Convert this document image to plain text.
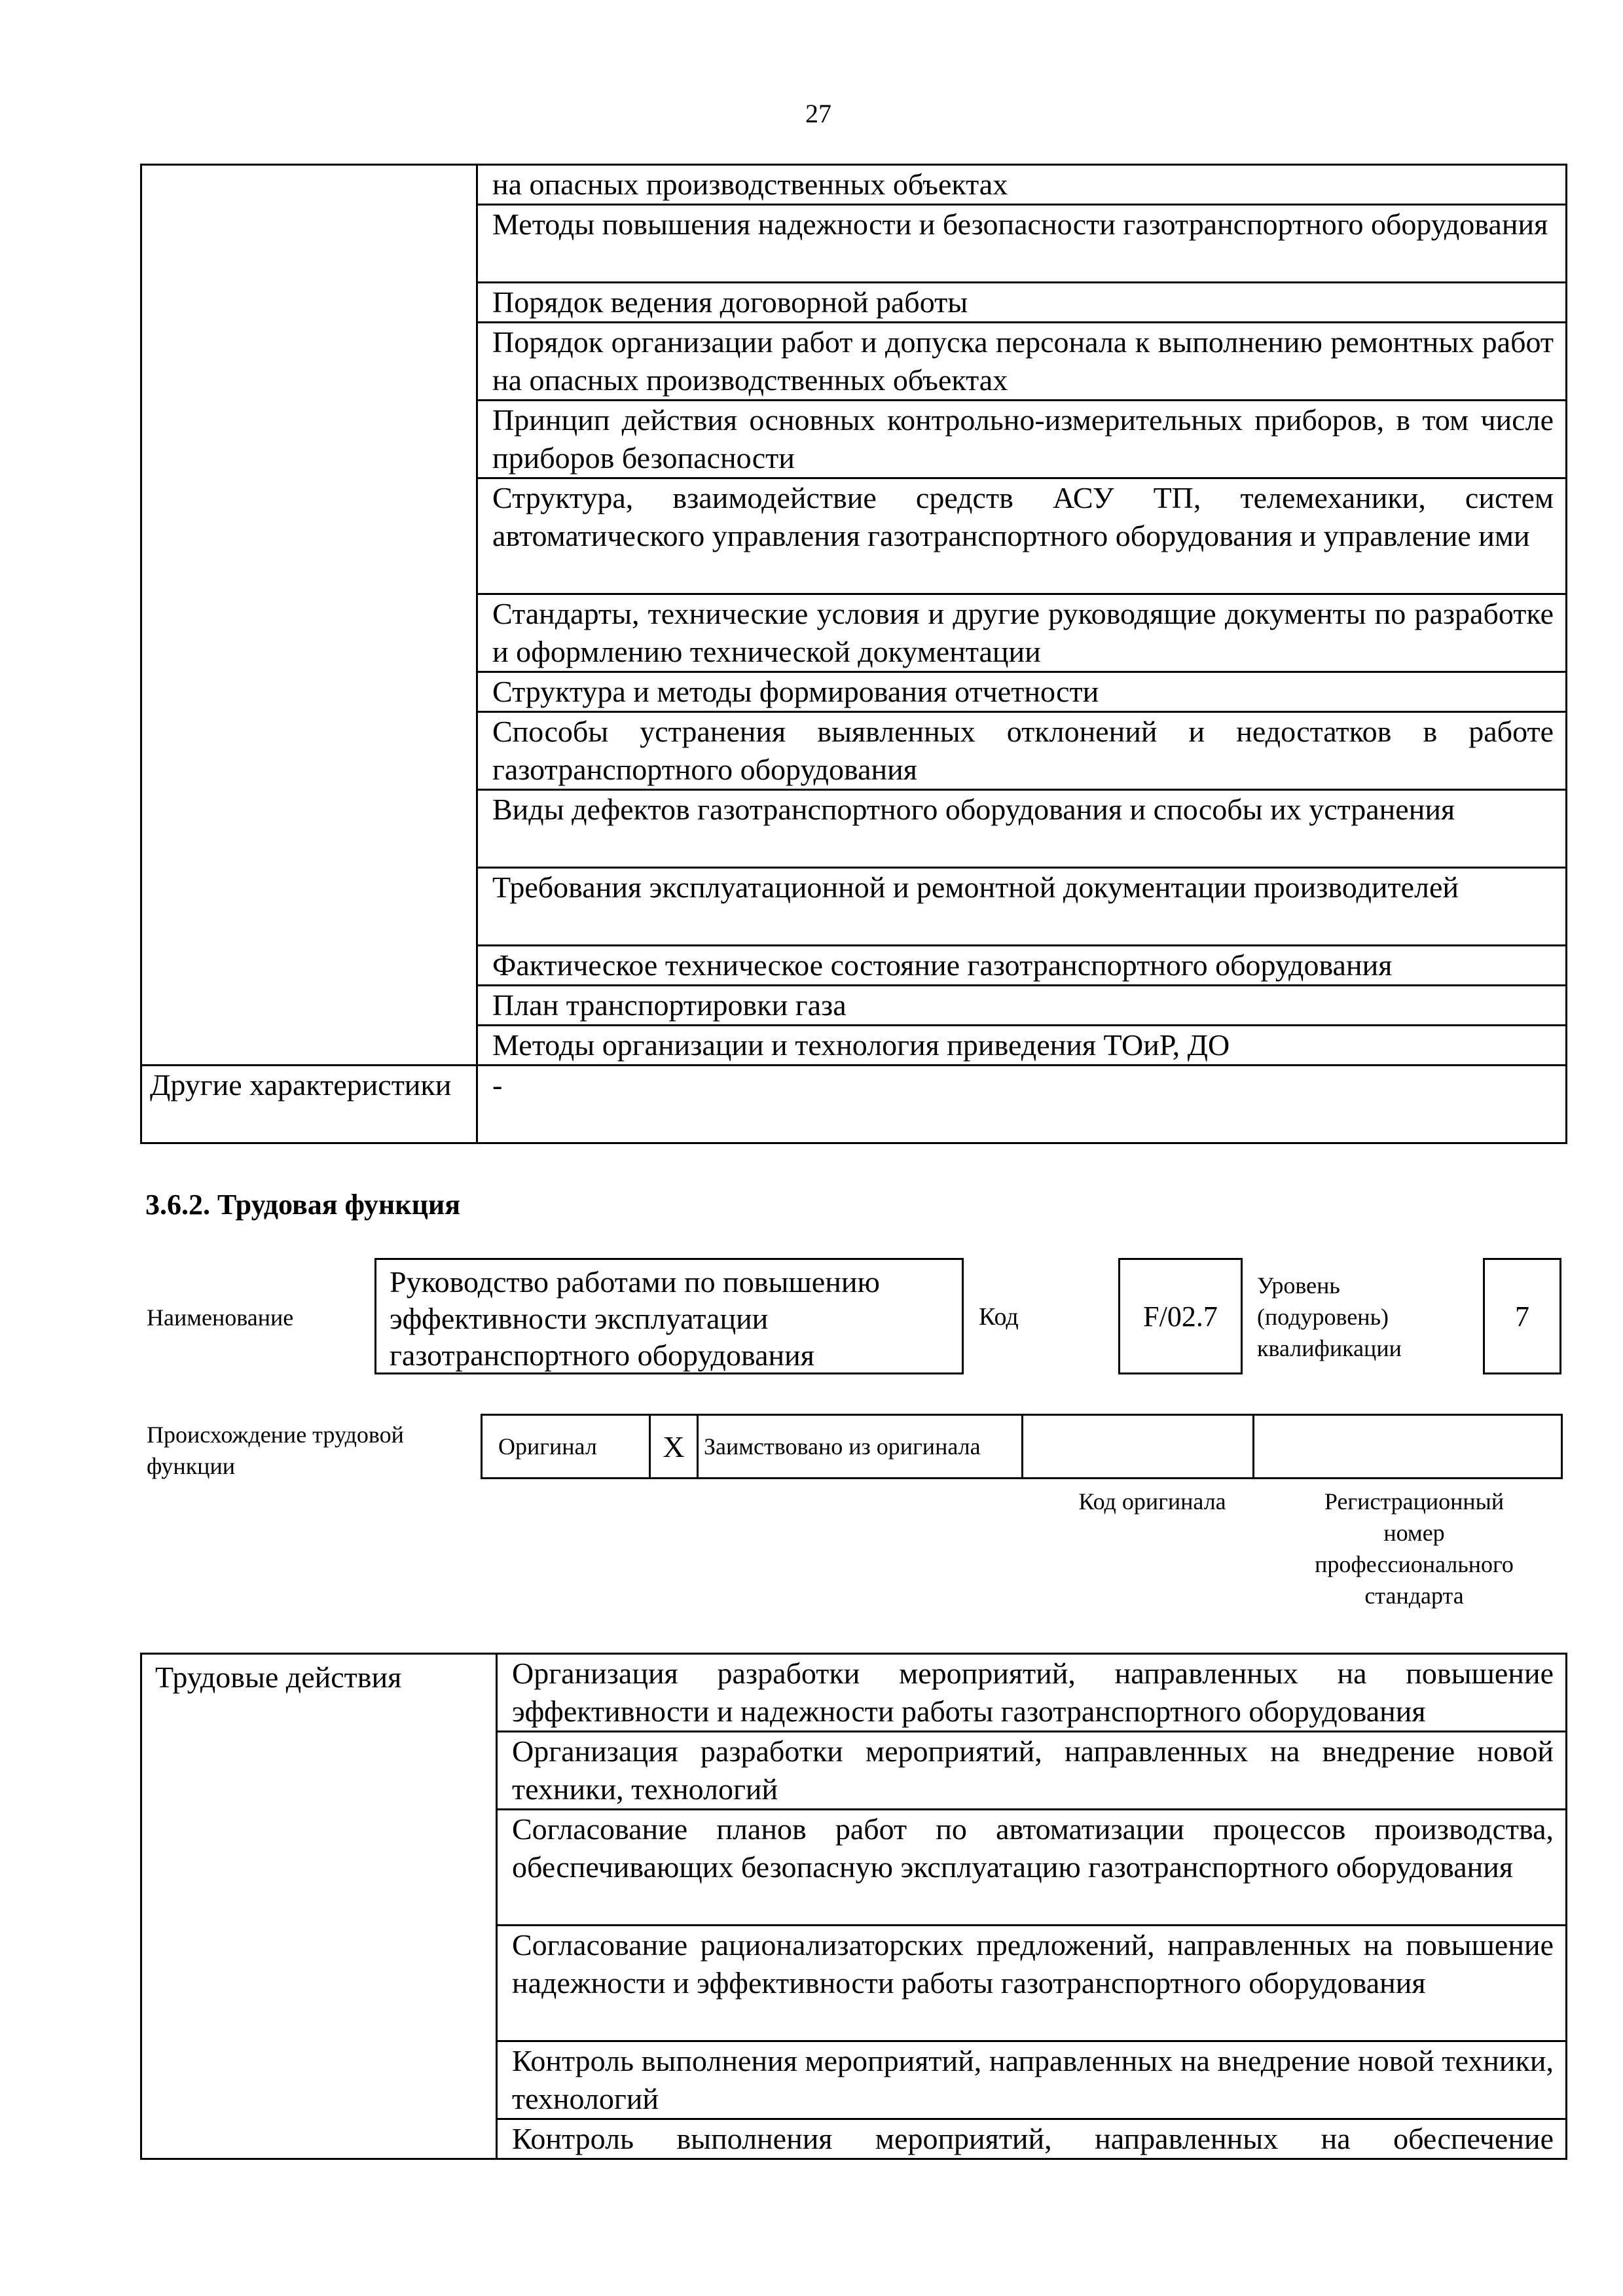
27
	на опасных производственных объектах
	Методы повышения надежности и безопасности газотранспортного оборудования
	Порядок ведения договорной работы
	Порядок организации работ и допуска персонала к выполнению ремонтных работ на опасных производственных объектах
	Принцип действия основных контрольно-измерительных приборов, в том числе приборов безопасности
	Структура, взаимодействие средств АСУ ТП, телемеханики, систем автоматического управления газотранспортного оборудования и управление ими
	Стандарты, технические условия и другие руководящие документы по разработке и оформлению технической документации
	Структура и методы формирования отчетности
	Способы устранения выявленных отклонений и недостатков в работе газотранспортного оборудования
	Виды дефектов газотранспортного оборудования и способы их устранения
	Требования эксплуатационной и ремонтной документации производителей
	Фактическое техническое состояние газотранспортного оборудования
	План транспортировки газа
	Методы организации и технология приведения ТОиР, ДО
Другие характеристики	-
3.6.2. Трудовая функция
Наименование
Руководство работами по повышению эффективности эксплуатации газотранспортного оборудования
Код	F/02.7
Уровень (подуровень) квалификации
7
Происхождение трудовой функции
Оригинал	X	Заимствовано из оригинала		
Код оригинала	Регистрационный номер профессионального стандарта
Трудовые действия	Организация разработки мероприятий, направленных на повышение эффективности и надежности работы газотранспортного оборудования
Организация разработки мероприятий, направленных на внедрение новой техники, технологий
Согласование планов работ по автоматизации процессов производства, обеспечивающих безопасную эксплуатацию газотранспортного оборудования
Согласование рационализаторских предложений, направленных на повышение надежности и эффективности работы газотранспортного оборудования
Контроль выполнения мероприятий, направленных на внедрение новой техники, технологий
Контроль выполнения мероприятий, направленных на обеспечение
